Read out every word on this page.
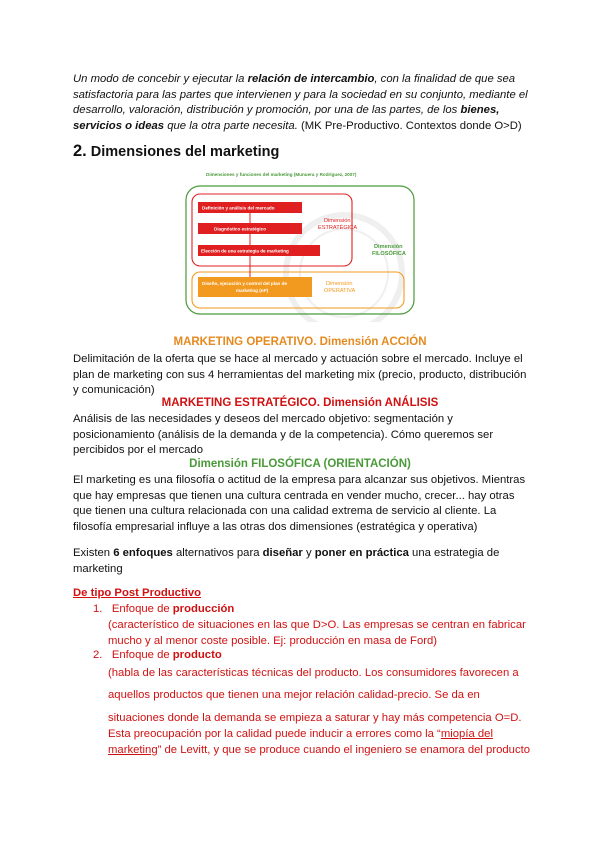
Un modo de concebir y ejecutar la relación de intercambio, con la finalidad de que sea satisfactoria para las partes que intervienen y para la sociedad en su conjunto, mediante el desarrollo, valoración, distribución y promoción, por una de las partes, de los bienes, servicios o ideas que la otra parte necesita. (MK Pre-Productivo. Contextos donde O>D)

2. Dimensiones del marketing
Dimensiones y funciones del marketing (Munuera y Rodríguez, 2007)
Definición y análisis del mercado
Diagnóstico estratégico
Elección de una estrategia de marketing
Diseño, ejecución y control del plan de
marketing (nP)
Dimensión
ESTRATÉGICA
Dimensión
FILOSÓFICA
Dimensión
OPERATIVA

MARKETING OPERATIVO. Dimensión ACCIÓN

Delimitación de la oferta que se hace al mercado y actuación sobre el mercado. Incluye el plan de marketing con sus 4 herramientas del marketing mix (precio, producto, distribución y comunicación)

MARKETING ESTRATÉGICO. Dimensión ANÁLISIS

Análisis de las necesidades y deseos del mercado objetivo: segmentación y posicionamiento (análisis de la demanda y de la competencia). Cómo queremos ser percibidos por el mercado

Dimensión FILOSÓFICA (ORIENTACIÓN)

El marketing es una filosofía o actitud de la empresa para alcanzar sus objetivos. Mientras que hay empresas que tienen una cultura centrada en vender mucho, crecer... hay otras que tienen una cultura relacionada con una calidad extrema de servicio al cliente. La filosofía empresarial influye a las otras dos dimensiones (estratégica y operativa)

Existen 6 enfoques alternativos para diseñar y poner en práctica una estrategia de marketing

De tipo Post Productivo

1. Enfoque de producción
(característico de situaciones en las que D>O. Las empresas se centran en fabricar mucho y al menor coste posible. Ej: producción en masa de Ford)
2. Enfoque de producto
(habla de las características técnicas del producto. Los consumidores favorecen a
aquellos productos que tienen una mejor relación calidad-precio. Se da en
situaciones donde la demanda se empieza a saturar y hay más competencia O=D.
Esta preocupación por la calidad puede inducir a errores como la “miopía del marketing” de Levitt, y que se produce cuando el ingeniero se enamora del producto
